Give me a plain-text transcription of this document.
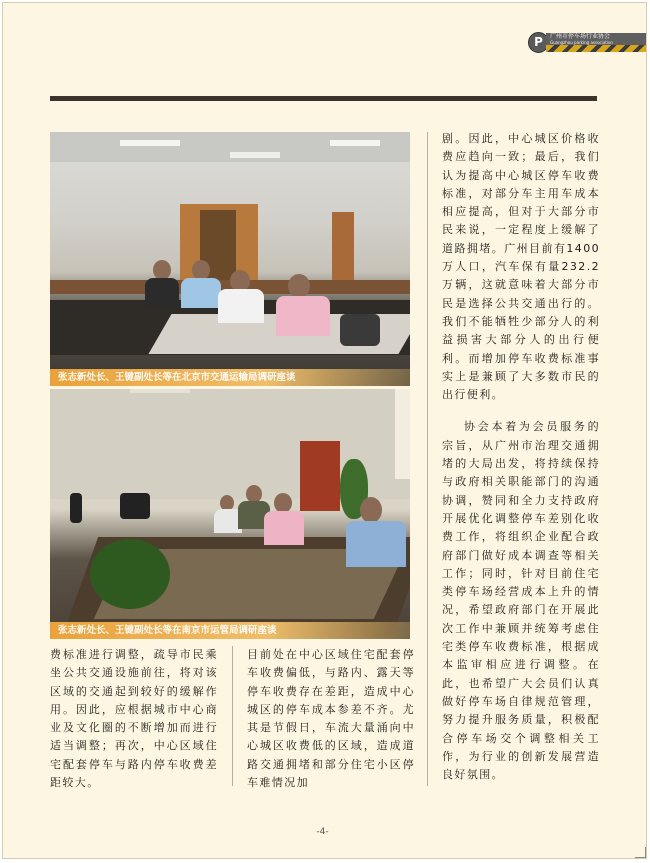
P	广州市停车场行业协会
Guangzhou parking association
张志新处长、王键副处长等在北京市交通运输局调研座谈
张志新处长、王键副处长等在南京市运管局调研座谈

剧。因此，中心城区价格收费应趋向一致；最后，我们认为提高中心城区停车收费标准，对部分车主用车成本相应提高，但对于大部分市民来说，一定程度上缓解了道路拥堵。广州目前有1400万人口，汽车保有量232.2万辆，这就意味着大部分市民是选择公共交通出行的。我们不能牺牲少部分人的利益损害大部分人的出行便利。而增加停车收费标准事实上是兼顾了大多数市民的出行便利。

协会本着为会员服务的宗旨，从广州市治理交通拥堵的大局出发，将持续保持与政府相关职能部门的沟通协调，赞同和全力支持政府开展优化调整停车差别化收费工作，将组织企业配合政府部门做好成本调查等相关工作；同时，针对目前住宅类停车场经营成本上升的情况，希望政府部门在开展此次工作中兼顾并统筹考虑住宅类停车收费标准，根据成本监审相应进行调整。在此，也希望广大会员们认真做好停车场自律规范管理，努力提升服务质量，积极配合停车场交个调整相关工作，为行业的创新发展营造良好氛围。

费标准进行调整，疏导市民乘坐公共交通设施前往，将对该区域的交通起到较好的缓解作用。因此，应根据城市中心商业及文化圈的不断增加而进行适当调整；再次，中心区域住宅配套停车与路内停车收费差距较大。

目前处在中心区域住宅配套停车收费偏低，与路内、露天等停车收费存在差距，造成中心城区的停车成本参差不齐。尤其是节假日，车流大量涌向中心城区收费低的区域，造成道路交通拥堵和部分住宅小区停车难情况加

-4-
